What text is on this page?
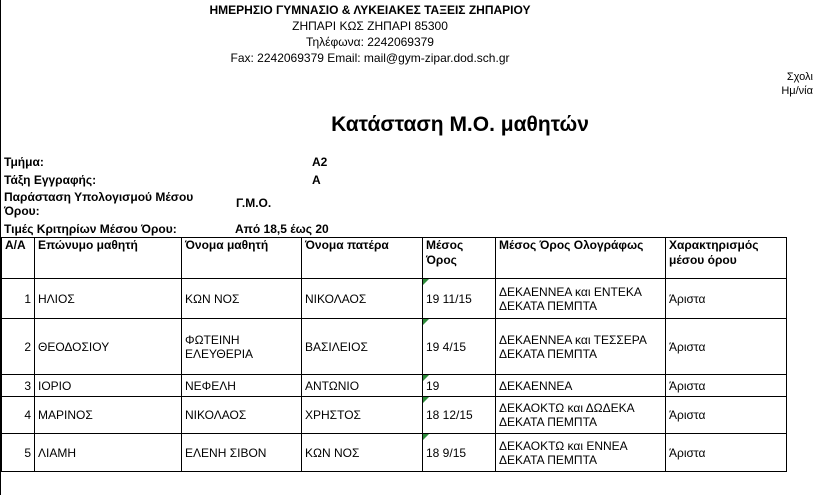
ΗΜΕΡΗΣΙΟ ΓΥΜΝΑΣΙΟ & ΛΥΚΕΙΑΚΕΣ ΤΑΞΕΙΣ ΖΗΠΑΡΙΟΥ
ΖΗΠΑΡΙ ΚΩΣ ΖΗΠΑΡΙ 85300
Τηλέφωνα: 2242069379
Fax: 2242069379 Email: mail@gym-zipar.dod.sch.gr
Σχολι
Ημ/νία
Κατάσταση Μ.Ο. μαθητών
Τμήμα:	A2
Τάξη Εγγραφής:	A
Παράσταση Υπολογισμού Μέσου
Όρου:
Γ.Μ.Ο.
Τιμές Κριτηρίων Μέσου Όρου:	Από 18,5 έως 20
Α/Α	Επώνυμο μαθητή	Όνομα μαθητή	Όνομα πατέρα	Μέσος Όρος	Μέσος Όρος Ολογράφως	Χαρακτηρισμός μέσου όρου
1	ΗΛΙΟΣ	ΚΩΝ ΝΟΣ	ΝΙΚΟΛΑΟΣ	19 11/15	ΔΕΚΑΕΝΝΕΑ και ΕΝΤΕΚΑ ΔΕΚΑΤΑ ΠΕΜΠΤΑ	Άριστα
2	ΘΕΟΔΟΣΙΟΥ	ΦΩΤΕΙΝΗ ΕΛΕΥΘΕΡΙΑ	ΒΑΣΙΛΕΙΟΣ	19 4/15	ΔΕΚΑΕΝΝΕΑ και ΤΕΣΣΕΡΑ ΔΕΚΑΤΑ ΠΕΜΠΤΑ	Άριστα
3	ΙΟΡΙΟ	ΝΕΦΕΛΗ	ΑΝΤΩΝΙΟ	19	ΔΕΚΑΕΝΝΕΑ	Άριστα
4	ΜΑΡΙΝΟΣ	ΝΙΚΟΛΑΟΣ	ΧΡΗΣΤΟΣ	18 12/15	ΔΕΚΑΟΚΤΩ και ΔΩΔΕΚΑ ΔΕΚΑΤΑ ΠΕΜΠΤΑ	Άριστα
5	ΛΙΑΜΗ	ΕΛΕΝΗ ΣΙΒΟΝ	ΚΩΝ ΝΟΣ	18 9/15	ΔΕΚΑΟΚΤΩ και ΕΝΝΕΑ ΔΕΚΑΤΑ ΠΕΜΠΤΑ	Άριστα
